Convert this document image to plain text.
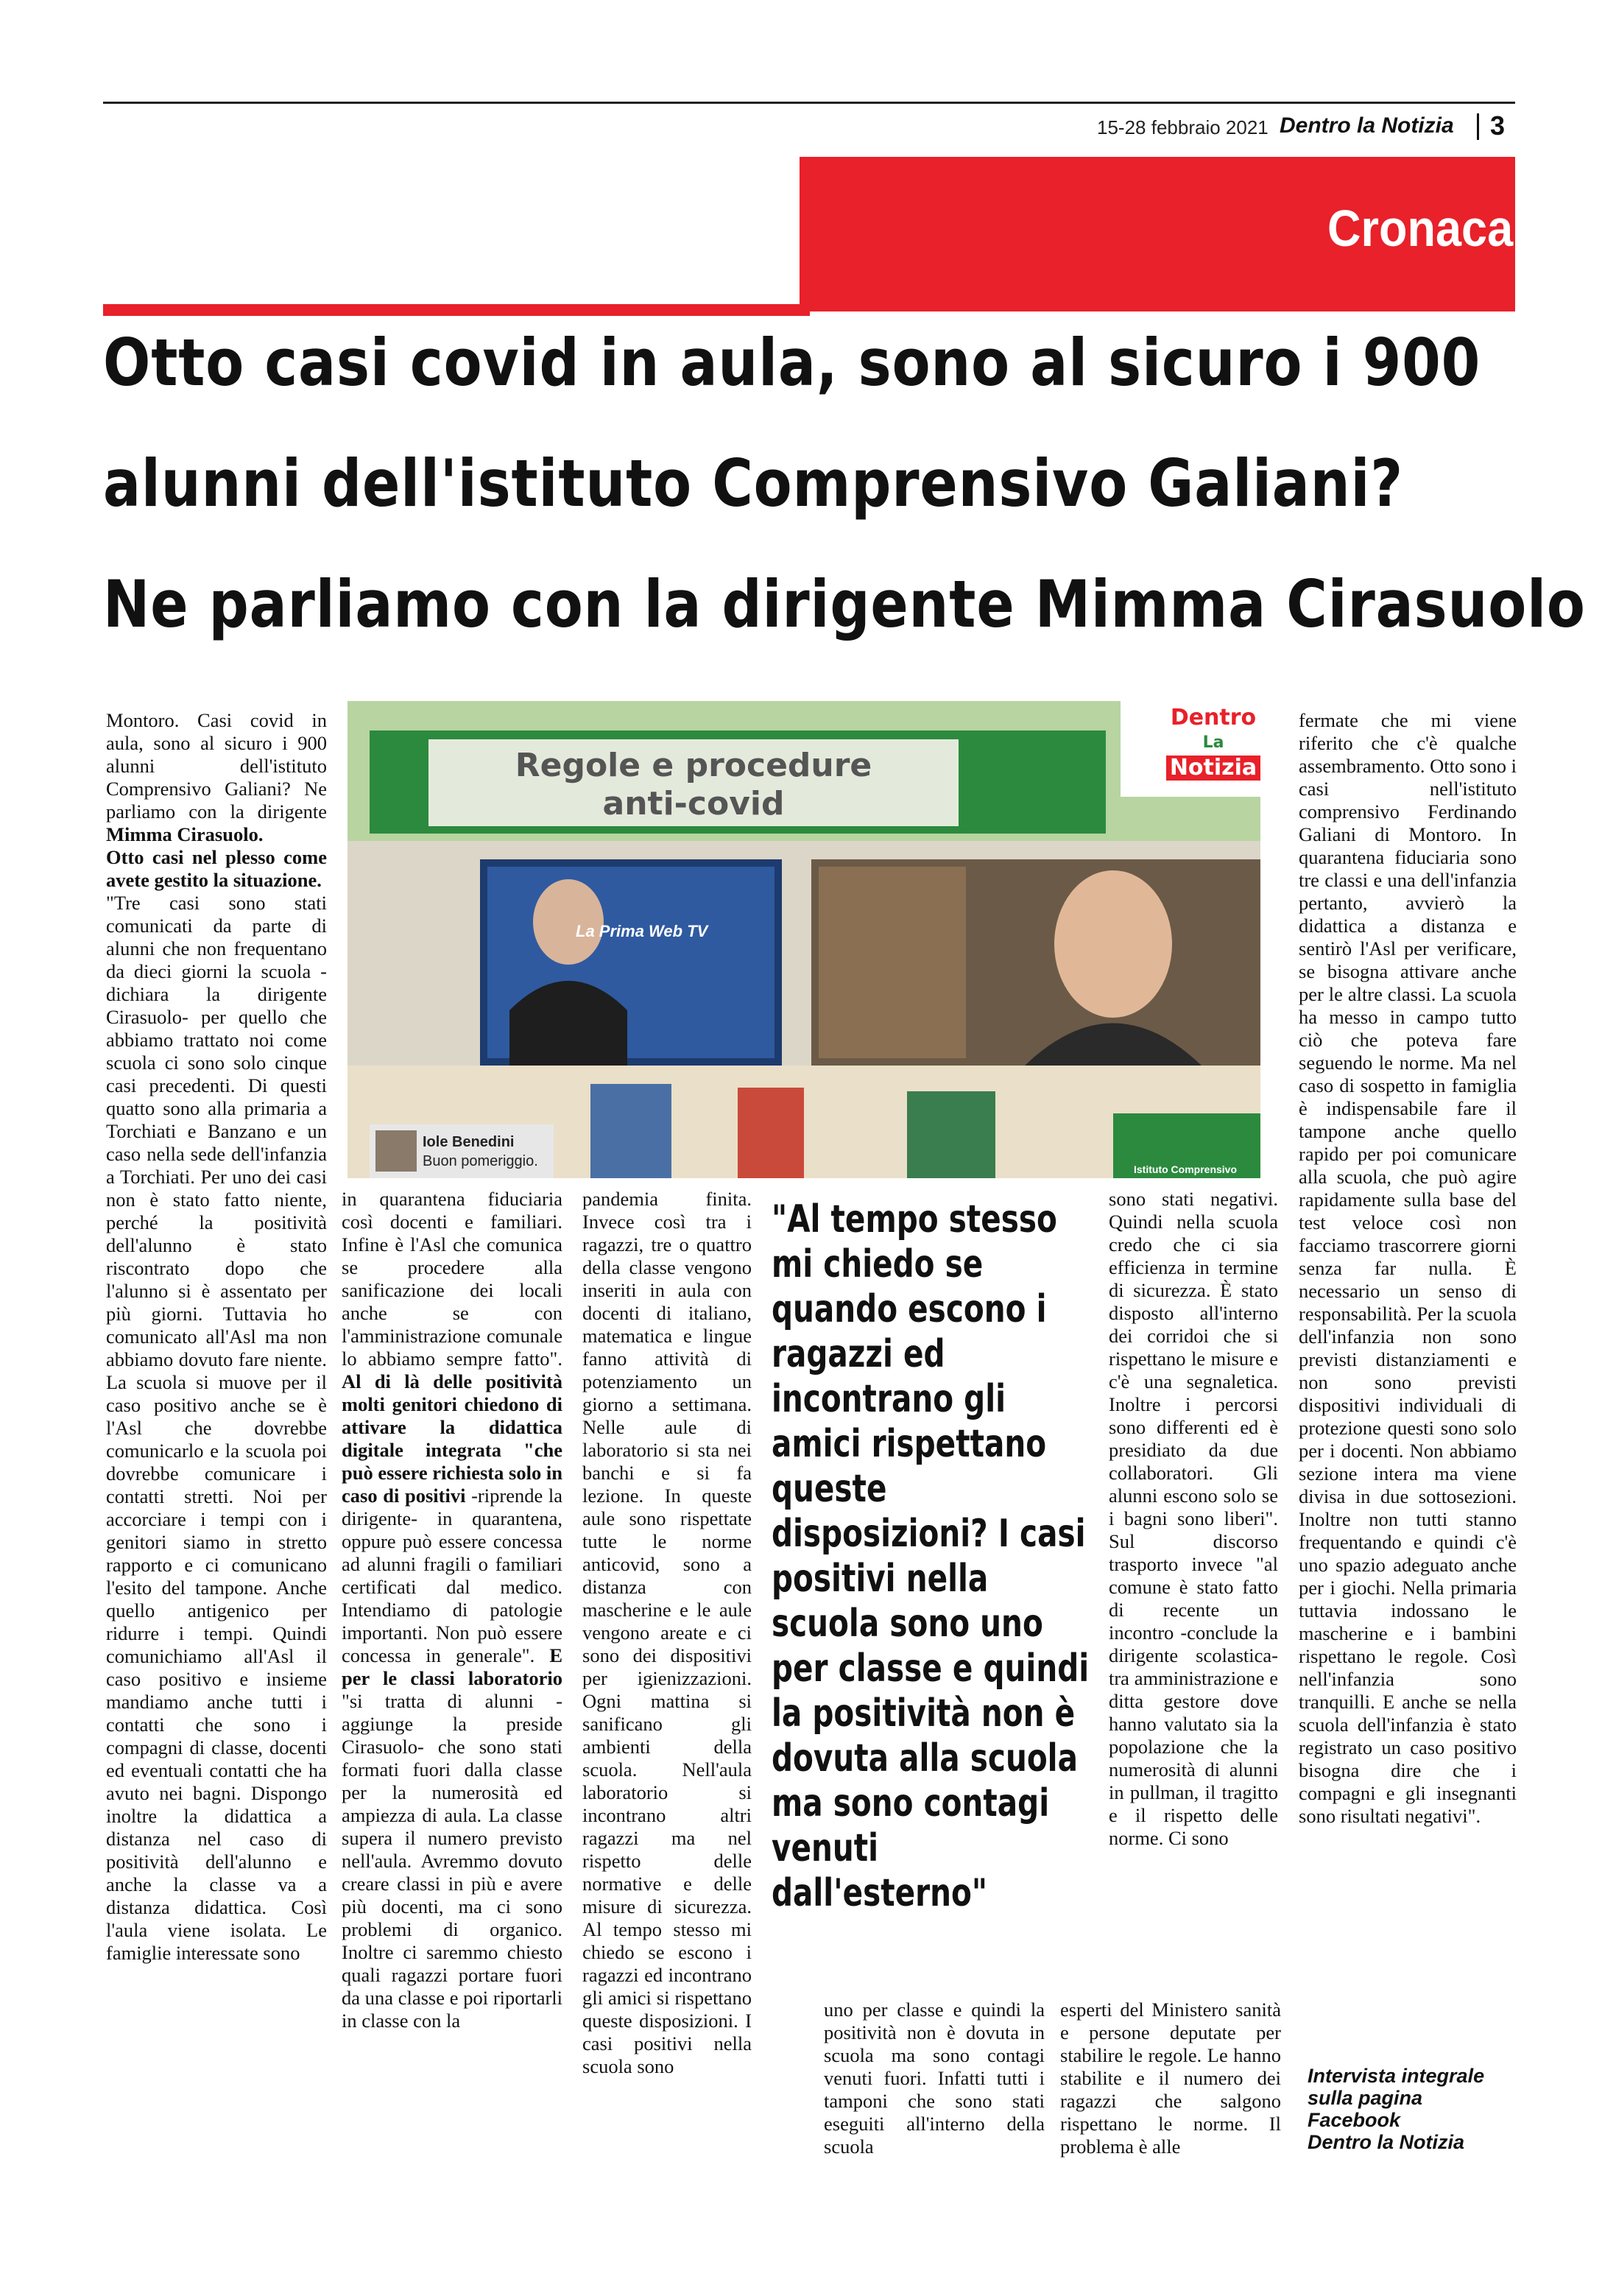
15-28 febbraio 2021 Dentro la Notizia 3
Cronaca
Otto casi covid in aula, sono al sicuro i 900
alunni dell'istituto Comprensivo Galiani?
Ne parliamo con la dirigente Mimma Cirasuolo
Montoro. Casi covid in aula, sono al sicuro i 900 alunni dell'istituto Comprensivo Galiani? Ne parliamo con la dirigente Mimma Cirasuolo.
Otto casi nel plesso come avete gestito la situazione.
"Tre casi sono stati comunicati da parte di alunni che non frequentano da dieci giorni la scuola -dichiara la dirigente Cirasuolo- per quello che abbiamo trattato noi come scuola ci sono solo cinque casi precedenti. Di questi quatto sono alla primaria a Torchiati e Banzano e un caso nella sede dell'infanzia a Torchiati. Per uno dei casi non è stato fatto niente, perché la positività dell'alunno è stato riscontrato dopo che l'alunno si è assentato per più giorni. Tuttavia ho comunicato all'Asl ma non abbiamo dovuto fare niente. La scuola si muove per il caso positivo anche se è l'Asl che dovrebbe comunicarlo e la scuola poi dovrebbe comunicare i contatti stretti. Noi per accorciare i tempi con i genitori siamo in stretto rapporto e ci comunicano l'esito del tampone. Anche quello antigenico per ridurre i tempi. Quindi comunichiamo all'Asl il caso positivo e insieme mandiamo anche tutti i contatti che sono i compagni di classe, docenti ed eventuali contatti che ha avuto nei bagni. Dispongo inoltre la didattica a distanza nel caso di positività dell'alunno e anche la classe va a distanza didattica. Così l'aula viene isolata. Le famiglie interessate sono
Regole e procedure
anti-covid
Dentro
La
Notizia
La Prima Web TV
Iole Benedini
Buon pomeriggio.	Istituto Comprensivo
in quarantena fiduciaria così docenti e familiari. Infine è l'Asl che comunica se procedere alla sanificazione dei locali anche se con l'amministrazione comunale lo abbiamo sempre fatto". Al di là delle positività molti genitori chiedono di attivare la didattica digitale integrata "che può essere richiesta solo in caso di positivi -riprende la dirigente- in quarantena, oppure può essere concessa ad alunni fragili o familiari certificati dal medico. Intendiamo di patologie importanti. Non può essere concessa in generale". E per le classi laboratorio "si tratta di alunni -aggiunge la preside Cirasuolo- che sono stati formati fuori dalla classe per la numerosità ed ampiezza di aula. La classe supera il numero previsto nell'aula. Avremmo dovuto creare classi in più e avere più docenti, ma ci sono problemi di organico. Inoltre ci saremmo chiesto quali ragazzi portare fuori da una classe e poi riportarli in classe con la
pandemia finita. Invece così tra i ragazzi, tre o quattro della classe vengono inseriti in aula con docenti di italiano, matematica e lingue fanno attività di potenziamento un giorno a settimana. Nelle aule di laboratorio si sta nei banchi e si fa lezione. In queste aule sono rispettate tutte le norme anticovid, sono a distanza con mascherine e le aule vengono areate e ci sono dei dispositivi per igienizzazioni. Ogni mattina si sanificano gli ambienti della scuola. Nell'aula laboratorio si incontrano altri ragazzi ma nel rispetto delle normative e delle misure di sicurezza. Al tempo stesso mi chiedo se escono i ragazzi ed incontrano gli amici si rispettano queste disposizioni. I casi positivi nella scuola sono
"Al tempo stesso mi chiedo se quando escono i ragazzi ed incontrano gli amici rispettano queste disposizioni? I casi positivi nella scuola sono uno per classe e quindi la positività non è dovuta alla scuola ma sono contagi venuti dall'esterno"
uno per classe e quindi la positività non è dovuta in scuola ma sono contagi venuti fuori. Infatti tutti i tamponi che sono stati eseguiti all'interno della scuola
sono stati negativi. Quindi nella scuola credo che ci sia efficienza in termine di sicurezza. È stato disposto all'interno dei corridoi che si rispettano le misure e c'è una segnaletica. Inoltre i percorsi sono differenti ed è presidiato da due collaboratori. Gli alunni escono solo se i bagni sono liberi". Sul discorso trasporto invece "al comune è stato fatto di recente un incontro -conclude la dirigente scolastica- tra amministrazione e ditta gestore dove hanno valutato sia la popolazione che la numerosità di alunni in pullman, il tragitto e il rispetto delle norme. Ci sono
esperti del Ministero sanità e persone deputate per stabilire le regole. Le hanno stabilite e il numero dei ragazzi che salgono rispettano le norme. Il problema è alle
fermate che mi viene riferito che c'è qualche assembramento. Otto sono i casi nell'istituto comprensivo Ferdinando Galiani di Montoro. In quarantena fiduciaria sono tre classi e una dell'infanzia pertanto, avvierò la didattica a distanza e sentirò l'Asl per verificare, se bisogna attivare anche per le altre classi. La scuola ha messo in campo tutto ciò che poteva fare seguendo le norme. Ma nel caso di sospetto in famiglia è indispensabile fare il tampone anche quello rapido per poi comunicare alla scuola, che può agire rapidamente sulla base del test veloce così non facciamo trascorrere giorni senza far nulla. È necessario un senso di responsabilità. Per la scuola dell'infanzia non sono previsti distanziamenti e non sono previsti dispositivi individuali di protezione questi sono solo per i docenti. Non abbiamo sezione intera ma viene divisa in due sottosezioni. Inoltre non tutti stanno frequentando e quindi c'è uno spazio adeguato anche per i giochi. Nella primaria tuttavia indossano le mascherine e i bambini rispettano le regole. Così nell'infanzia sono tranquilli. E anche se nella scuola dell'infanzia è stato registrato un caso positivo bisogna dire che i compagni e gli insegnanti sono risultati negativi".
Intervista integrale
sulla pagina
Facebook
Dentro la Notizia
